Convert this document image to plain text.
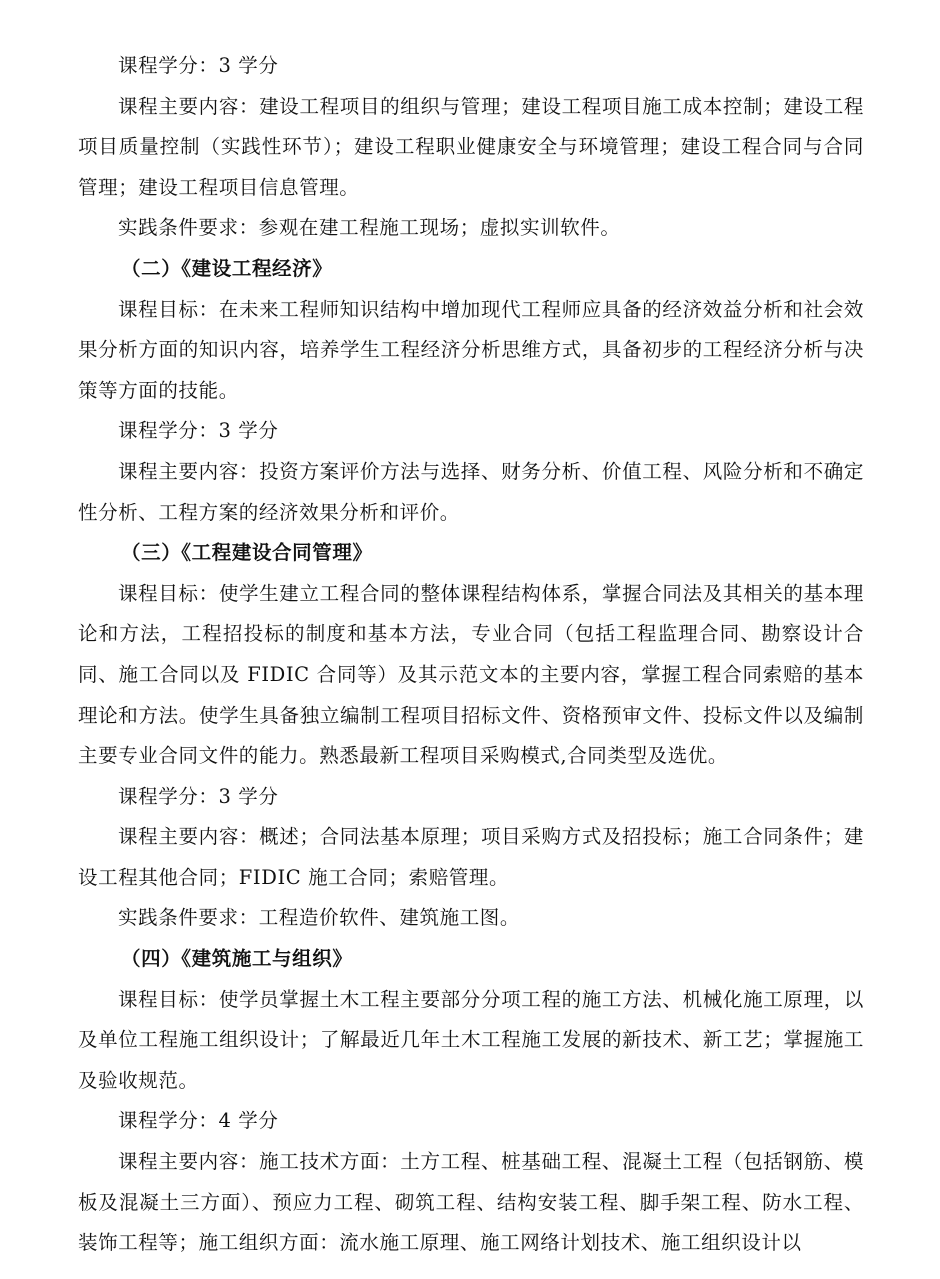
课程学分：3 学分

课程主要内容：建设工程项目的组织与管理；建设工程项目施工成本控制；建设工程项目质量控制（实践性环节）；建设工程职业健康安全与环境管理；建设工程合同与合同管理；建设工程项目信息管理。

实践条件要求：参观在建工程施工现场；虚拟实训软件。

（二）《建设工程经济》

课程目标：在未来工程师知识结构中增加现代工程师应具备的经济效益分析和社会效果分析方面的知识内容，培养学生工程经济分析思维方式，具备初步的工程经济分析与决策等方面的技能。

课程学分：3 学分

课程主要内容：投资方案评价方法与选择、财务分析、价值工程、风险分析和不确定性分析、工程方案的经济效果分析和评价。

（三）《工程建设合同管理》

课程目标：使学生建立工程合同的整体课程结构体系，掌握合同法及其相关的基本理论和方法，工程招投标的制度和基本方法，专业合同（包括工程监理合同、勘察设计合同、施工合同以及 FIDIC 合同等）及其示范文本的主要内容，掌握工程合同索赔的基本理论和方法。使学生具备独立编制工程项目招标文件、资格预审文件、投标文件以及编制主要专业合同文件的能力。熟悉最新工程项目采购模式,合同类型及选优。

课程学分：3 学分

课程主要内容：概述；合同法基本原理；项目采购方式及招投标；施工合同条件；建设工程其他合同；FIDIC 施工合同；索赔管理。

实践条件要求：工程造价软件、建筑施工图。

（四）《建筑施工与组织》

课程目标：使学员掌握土木工程主要部分分项工程的施工方法、机械化施工原理，以及单位工程施工组织设计；了解最近几年土木工程施工发展的新技术、新工艺；掌握施工及验收规范。

课程学分：4 学分

课程主要内容：施工技术方面：土方工程、桩基础工程、混凝土工程（包括钢筋、模板及混凝土三方面）、预应力工程、砌筑工程、结构安装工程、脚手架工程、防水工程、装饰工程等；施工组织方面：流水施工原理、施工网络计划技术、施工组织设计以
